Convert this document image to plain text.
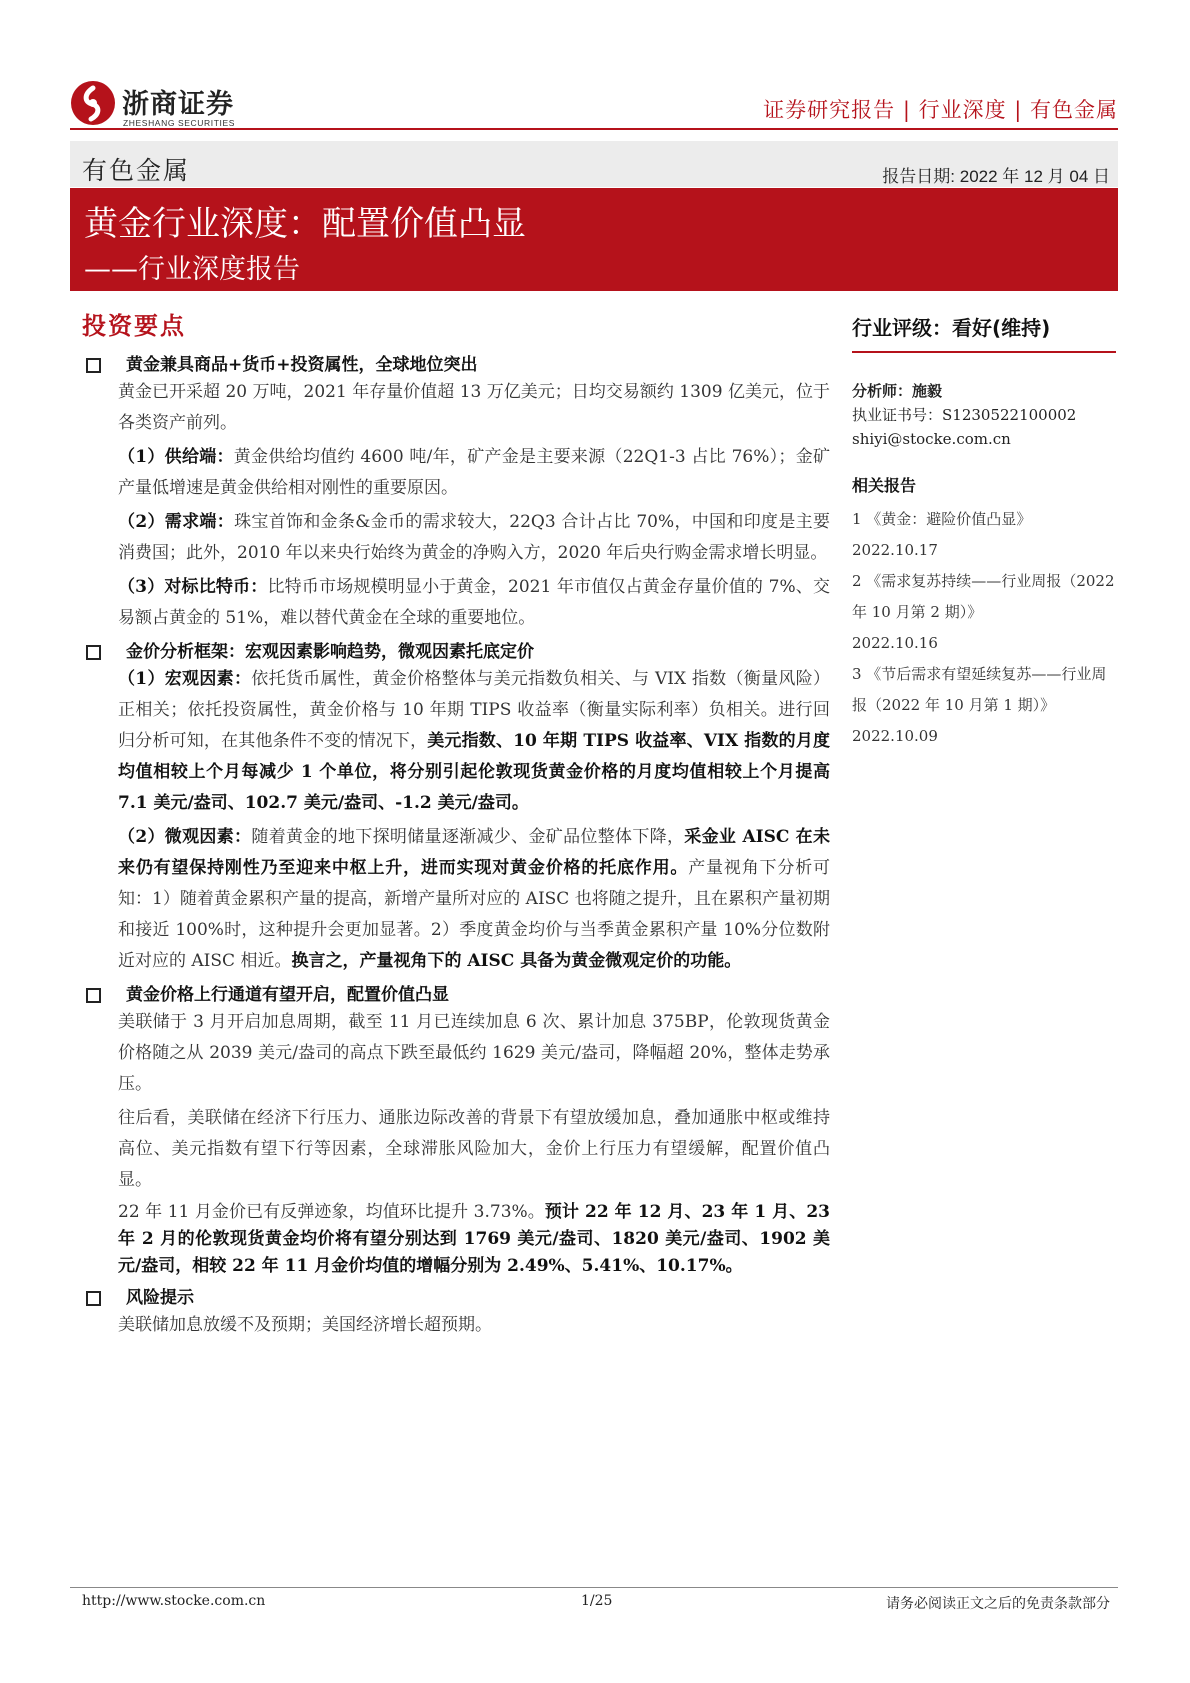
浙商证券
ZHESHANG SECURITIES
证券研究报告 | 行业深度 | 有色金属
有色金属	报告日期: 2022 年 12 月 04 日
黄金行业深度：配置价值凸显
——行业深度报告
投资要点
黄金兼具商品+货币+投资属性，全球地位突出

黄金已开采超 20 万吨，2021 年存量价值超 13 万亿美元；日均交易额约 1309 亿美元，位于各类资产前列。

（1）供给端：黄金供给均值约 4600 吨/年，矿产金是主要来源（22Q1-3 占比 76%）；金矿产量低增速是黄金供给相对刚性的重要原因。

（2）需求端：珠宝首饰和金条&金币的需求较大，22Q3 合计占比 70%，中国和印度是主要消费国；此外，2010 年以来央行始终为黄金的净购入方，2020 年后央行购金需求增长明显。

（3）对标比特币：比特币市场规模明显小于黄金，2021 年市值仅占黄金存量价值的 7%、交易额占黄金的 51%，难以替代黄金在全球的重要地位。

金价分析框架：宏观因素影响趋势，微观因素托底定价

（1）宏观因素：依托货币属性，黄金价格整体与美元指数负相关、与 VIX 指数（衡量风险）正相关；依托投资属性，黄金价格与 10 年期 TIPS 收益率（衡量实际利率）负相关。进行回归分析可知，在其他条件不变的情况下，美元指数、10 年期 TIPS 收益率、VIX 指数的月度均值相较上个月每减少 1 个单位，将分别引起伦敦现货黄金价格的月度均值相较上个月提高 7.1 美元/盎司、102.7 美元/盎司、-1.2 美元/盎司。

（2）微观因素：随着黄金的地下探明储量逐渐减少、金矿品位整体下降，采金业 AISC 在未来仍有望保持刚性乃至迎来中枢上升，进而实现对黄金价格的托底作用。产量视角下分析可知：1）随着黄金累积产量的提高，新增产量所对应的 AISC 也将随之提升，且在累积产量初期和接近 100%时，这种提升会更加显著。2）季度黄金均价与当季黄金累积产量 10%分位数附近对应的 AISC 相近。换言之，产量视角下的 AISC 具备为黄金微观定价的功能。

黄金价格上行通道有望开启，配置价值凸显

美联储于 3 月开启加息周期，截至 11 月已连续加息 6 次、累计加息 375BP，伦敦现货黄金价格随之从 2039 美元/盎司的高点下跌至最低约 1629 美元/盎司，降幅超 20%，整体走势承压。

往后看，美联储在经济下行压力、通胀边际改善的背景下有望放缓加息，叠加通胀中枢或维持高位、美元指数有望下行等因素，全球滞胀风险加大，金价上行压力有望缓解，配置价值凸显。

22 年 11 月金价已有反弹迹象，均值环比提升 3.73%。预计 22 年 12 月、23 年 1 月、23 年 2 月的伦敦现货黄金均价将有望分别达到 1769 美元/盎司、1820 美元/盎司、1902 美元/盎司，相较 22 年 11 月金价均值的增幅分别为 2.49%、5.41%、10.17%。

风险提示

美联储加息放缓不及预期；美国经济增长超预期。

行业评级：看好(维持)
分析师：施毅
执业证书号：S1230522100002
shiyi@stocke.com.cn
相关报告
1 《黄金：避险价值凸显》
2022.10.17
2 《需求复苏持续——行业周报（2022 年 10 月第 2 期）》
2022.10.16
3 《节后需求有望延续复苏——行业周报（2022 年 10 月第 1 期）》 2022.10.09
http://www.stocke.com.cn	1/25	请务必阅读正文之后的免责条款部分
